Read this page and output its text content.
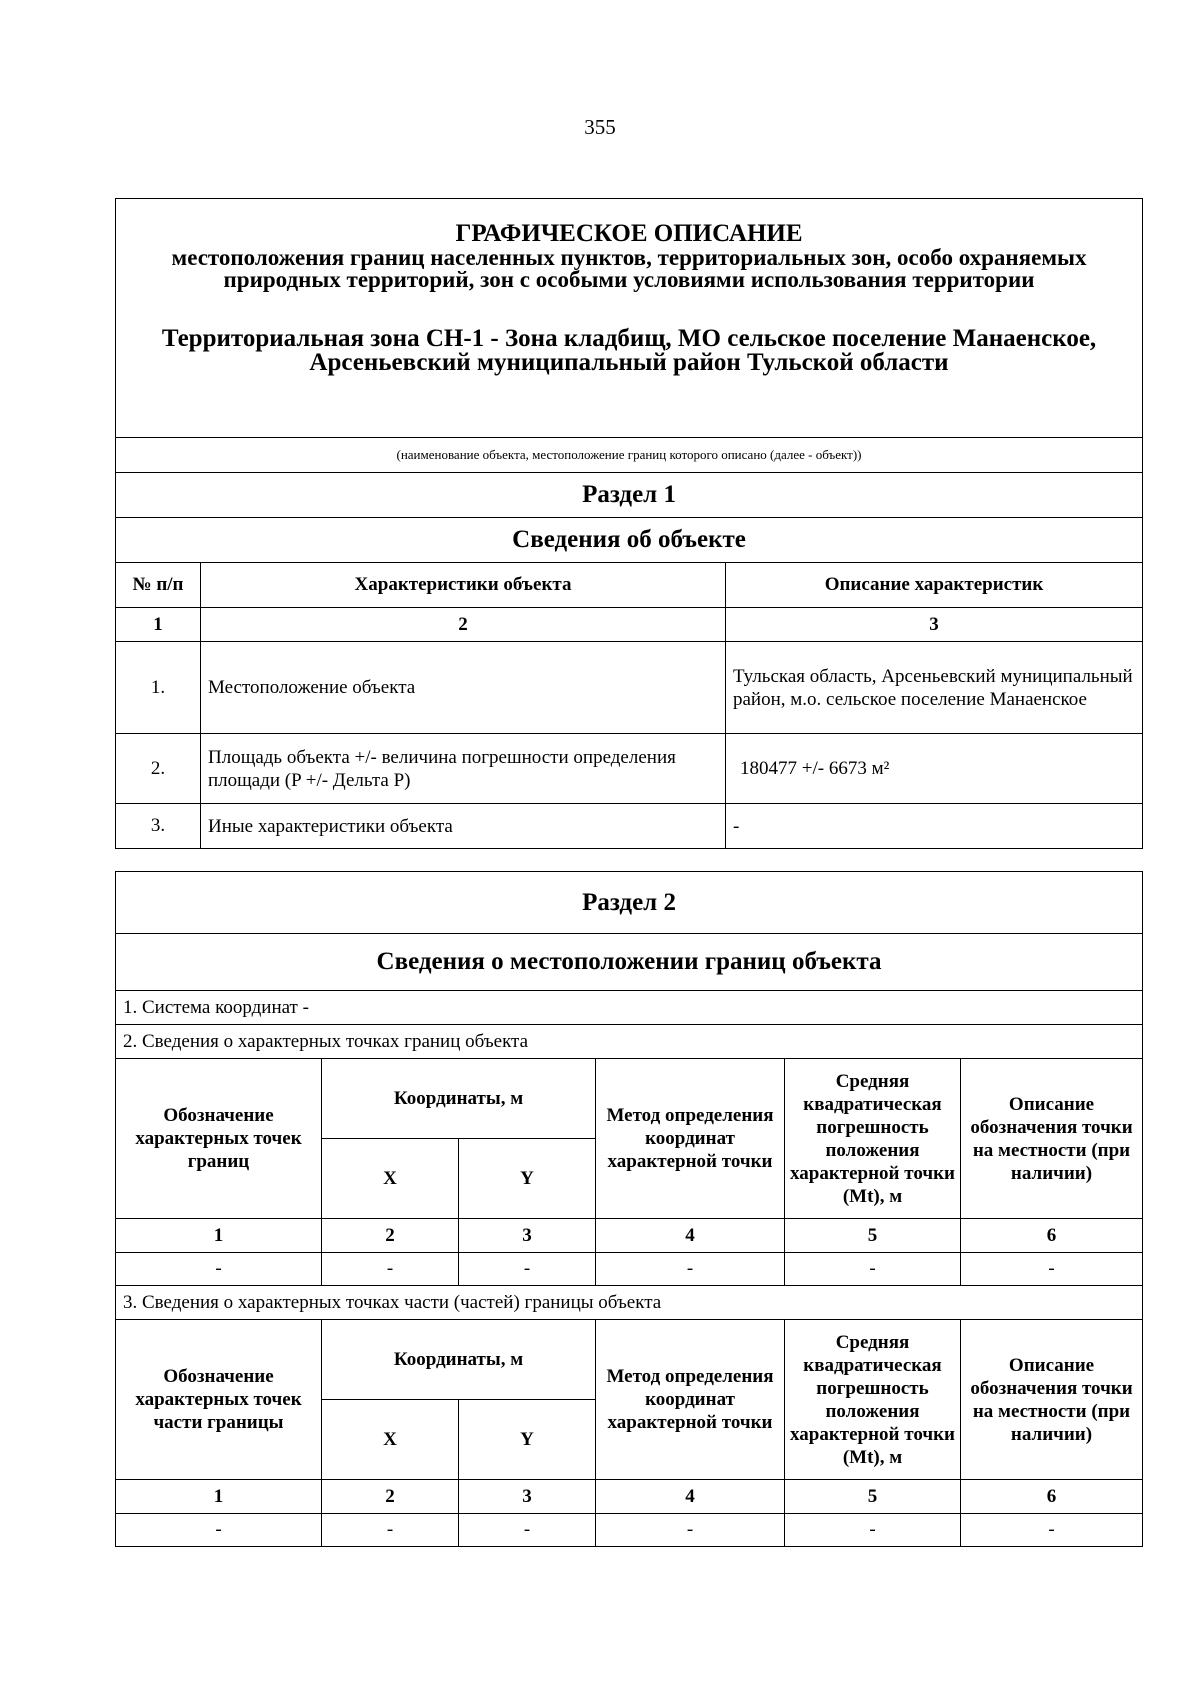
355
ГРАФИЧЕСКОЕ ОПИСАНИЕ
местоположения границ населенных пунктов, территориальных зон, особо охраняемых природных территорий, зон с особыми условиями использования территории
Территориальная зона СН-1 - Зона кладбищ, МО сельское поселение Манаенское, Арсеньевский муниципальный район Тульской области		

(наименование объекта, местоположение границ которого описано (далее - объект))		
Раздел 1		
Сведения об объекте		
№ п/п	Характеристики объекта	Описание характеристик
1	2	3
1.	Местоположение объекта	Тульская область, Арсеньевский муниципальный район, м.о. сельское поселение Манаенское
2.	Площадь объекта +/- величина погрешности определения площади (P +/- Дельта P)	180477 +/- 6673 м²
3.	Иные характеристики объекта	-
Раздел 2					
Сведения о местоположении границ объекта					
1. Система координат -					
2. Сведения о характерных точках границ объекта					
Обозначение характерных точек границ	Координаты, м		Метод определения координат характерной точки	Средняя квадратическая погрешность положения характерной точки (Mt), м	Описание обозначения точки на местности (при наличии)
	X	Y			
1	2	3	4	5	6
-	-	-	-	-	-
3. Сведения о характерных точках части (частей) границы объекта					
Обозначение характерных точек части границы	Координаты, м		Метод определения координат характерной точки	Средняя квадратическая погрешность положения характерной точки (Mt), м	Описание обозначения точки на местности (при наличии)
	X	Y			
1	2	3	4	5	6
-	-	-	-	-	-
